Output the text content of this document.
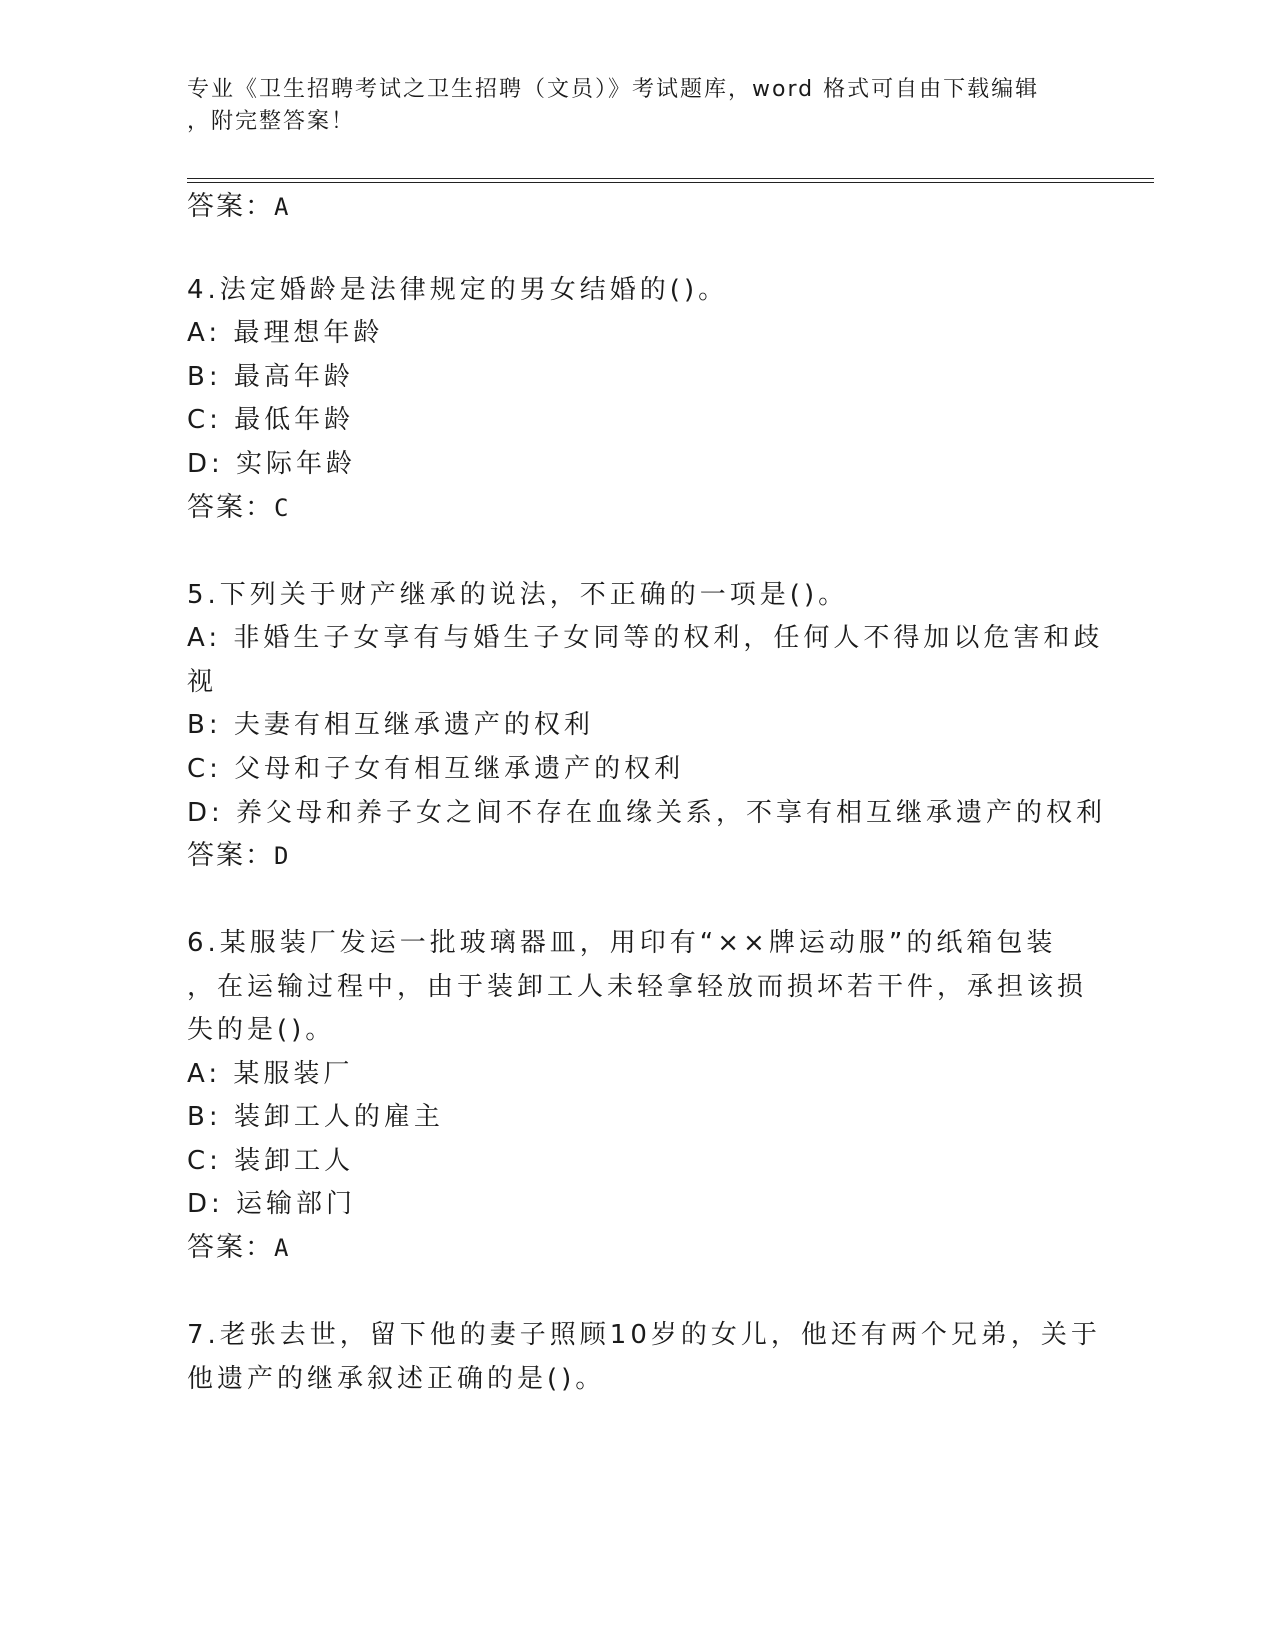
专业《卫生招聘考试之卫生招聘（文员）》考试题库，word 格式可自由下载编辑
，附完整答案！
答案：A
4.法定婚龄是法律规定的男女结婚的()。
A: 最理想年龄
B: 最高年龄
C: 最低年龄
D: 实际年龄
答案：C
5.下列关于财产继承的说法，不正确的一项是()。
A: 非婚生子女享有与婚生子女同等的权利，任何人不得加以危害和歧
视
B: 夫妻有相互继承遗产的权利
C: 父母和子女有相互继承遗产的权利
D: 养父母和养子女之间不存在血缘关系，不享有相互继承遗产的权利
答案：D
6.某服装厂发运一批玻璃器皿，用印有“××牌运动服”的纸箱包装
，在运输过程中，由于装卸工人未轻拿轻放而损坏若干件，承担该损
失的是()。
A: 某服装厂
B: 装卸工人的雇主
C: 装卸工人
D: 运输部门
答案：A
7.老张去世，留下他的妻子照顾10岁的女儿，他还有两个兄弟，关于
他遗产的继承叙述正确的是()。
